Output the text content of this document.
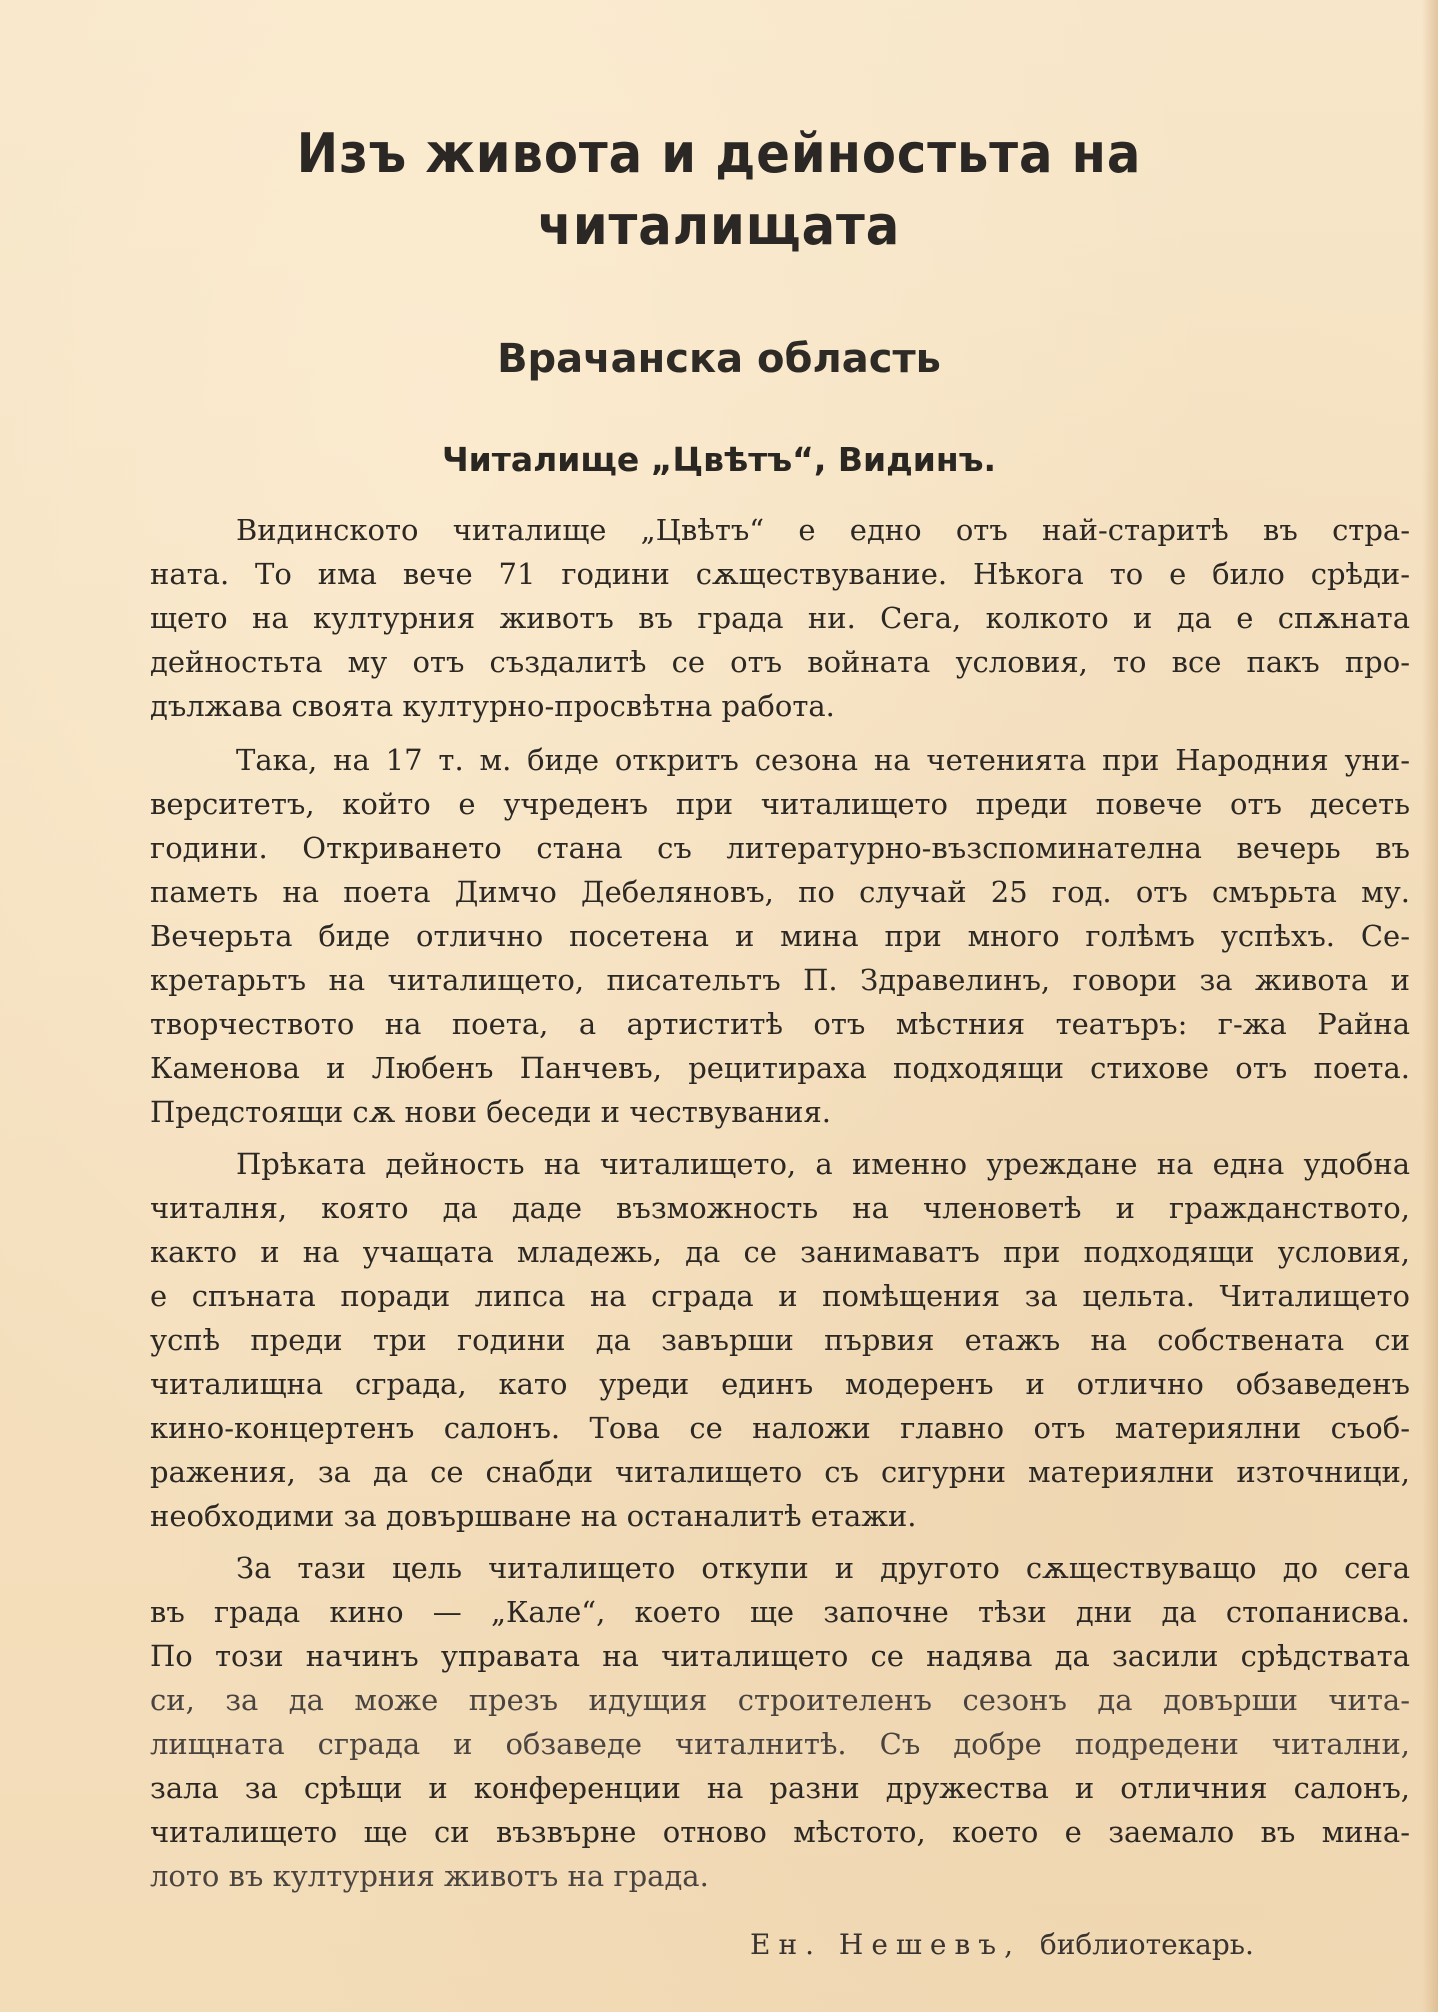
Изъ живота и дейностьта на
читалищата
Врачанска область
Читалище „Цвѣтъ“, Видинъ.
Видинското читалище „Цвѣтъ“ е едно отъ най-старитѣ въ стра-
ната. То има вече 71 години сѫществувание. Нѣкога то е било срѣди-
щето на културния животъ въ града ни. Сега, колкото и да е спѫната
дейностьта му отъ създалитѣ се отъ войната условия, то все пакъ про-
дължава своята културно-просвѣтна работа.
Така, на 17 т. м. биде откритъ сезона на четенията при Народния уни-
верситетъ, който е учреденъ при читалището преди повече отъ десеть
години. Откриването стана съ литературно-възспоминателна вечерь въ
паметь на поета Димчо Дебеляновъ, по случай 25 год. отъ смърьта му.
Вечерьта биде отлично посетена и мина при много голѣмъ успѣхъ. Се-
кретарьтъ на читалището, писательтъ П. Здравелинъ, говори за живота и
творчеството на поета, а артиститѣ отъ мѣстния театъръ: г-жа Райна
Каменова и Любенъ Панчевъ, рецитираха подходящи стихове отъ поета.
Предстоящи сѫ нови беседи и чествувания.
Прѣката дейность на читалището, а именно уреждане на една удобна
читалня, която да даде възможность на членоветѣ и гражданството,
както и на учащата младежь, да се занимаватъ при подходящи условия,
е спъната поради липса на сграда и помѣщения за цельта. Читалището
успѣ преди три години да завърши първия етажъ на собствената си
читалищна сграда, като уреди единъ модеренъ и отлично обзаведенъ
кино-концертенъ салонъ. Това се наложи главно отъ материялни съоб-
ражения, за да се снабди читалището съ сигурни материялни източници,
необходими за довършване на останалитѣ етажи.
За тази цель читалището откупи и другото сѫществуващо до сега
въ града кино — „Кале“, което ще започне тѣзи дни да стопанисва.
По този начинъ управата на читалището се надява да засили срѣдствата
си, за да може презъ идущия строителенъ сезонъ да довърши чита-
лищната сграда и обзаведе читалнитѣ. Съ добре подредени читални,
зала за срѣщи и конференции на разни дружества и отличния салонъ,
читалището ще си възвърне отново мѣстото, което е заемало въ мина-
лото въ културния животъ на града.
Ен. Нешевъ, библиотекарь.
